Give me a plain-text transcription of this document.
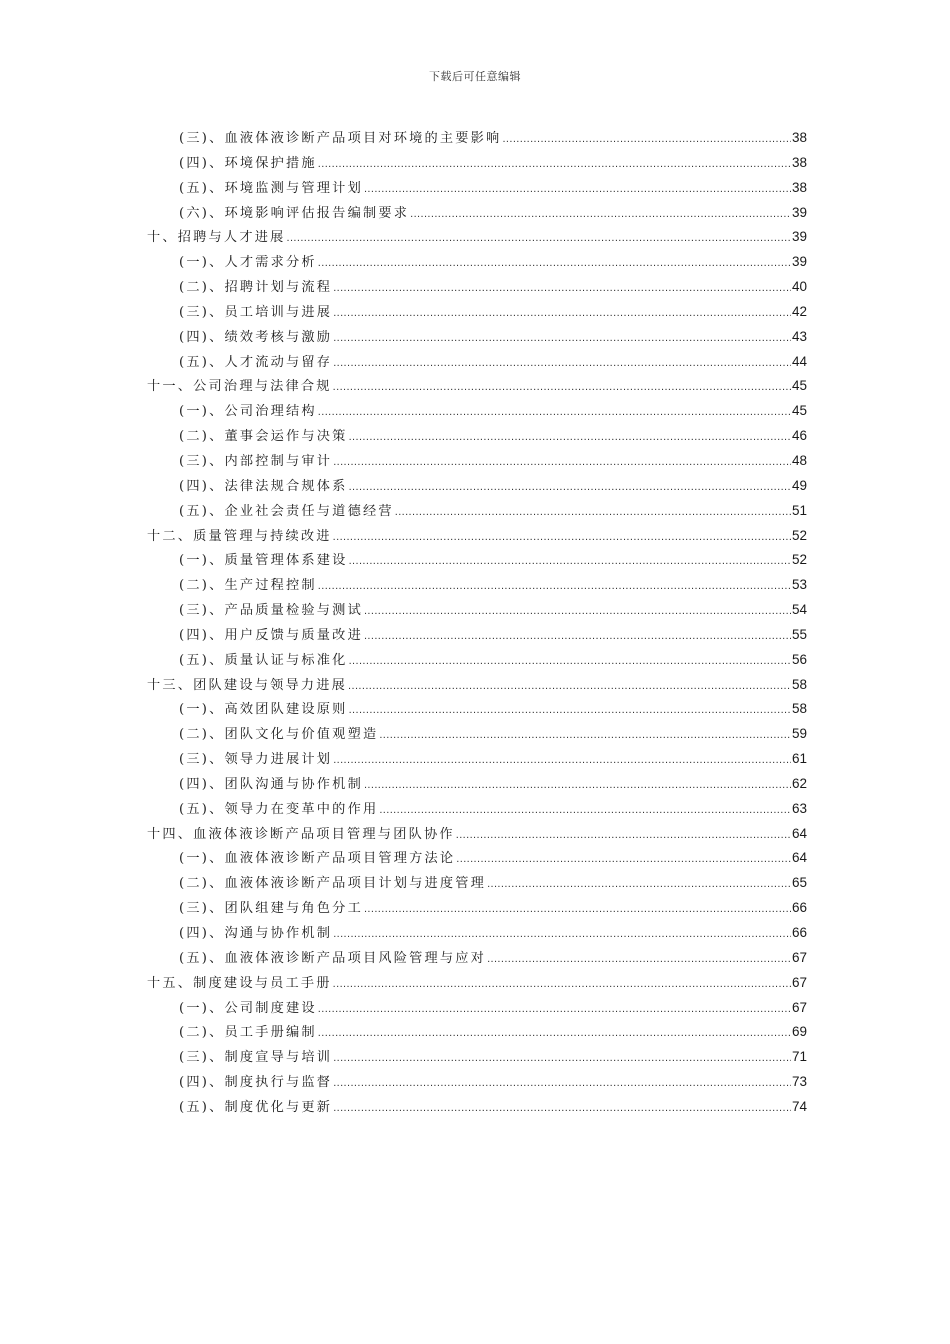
下载后可任意编辑
(三)、血液体液诊断产品项目对环境的主要影响 .....	38
(四)、环境保护措施 .....	38
(五)、环境监测与管理计划 .....	38
(六)、环境影响评估报告编制要求 .....	39
十、招聘与人才进展 .....	39
(一)、人才需求分析 .....	39
(二)、招聘计划与流程 .....	40
(三)、员工培训与进展 .....	42
(四)、绩效考核与激励 .....	43
(五)、人才流动与留存 .....	44
十一、公司治理与法律合规 .....	45
(一)、公司治理结构 .....	45
(二)、董事会运作与决策 .....	46
(三)、内部控制与审计 .....	48
(四)、法律法规合规体系 .....	49
(五)、企业社会责任与道德经营 .....	51
十二、质量管理与持续改进 .....	52
(一)、质量管理体系建设 .....	52
(二)、生产过程控制 .....	53
(三)、产品质量检验与测试 .....	54
(四)、用户反馈与质量改进 .....	55
(五)、质量认证与标准化 .....	56
十三、团队建设与领导力进展 .....	58
(一)、高效团队建设原则 .....	58
(二)、团队文化与价值观塑造 .....	59
(三)、领导力进展计划 .....	61
(四)、团队沟通与协作机制 .....	62
(五)、领导力在变革中的作用 .....	63
十四、血液体液诊断产品项目管理与团队协作 .....	64
(一)、血液体液诊断产品项目管理方法论 .....	64
(二)、血液体液诊断产品项目计划与进度管理 .....	65
(三)、团队组建与角色分工 .....	66
(四)、沟通与协作机制 .....	66
(五)、血液体液诊断产品项目风险管理与应对 .....	67
十五、制度建设与员工手册 .....	67
(一)、公司制度建设 .....	67
(二)、员工手册编制 .....	69
(三)、制度宣导与培训 .....	71
(四)、制度执行与监督 .....	73
(五)、制度优化与更新 .....	74
